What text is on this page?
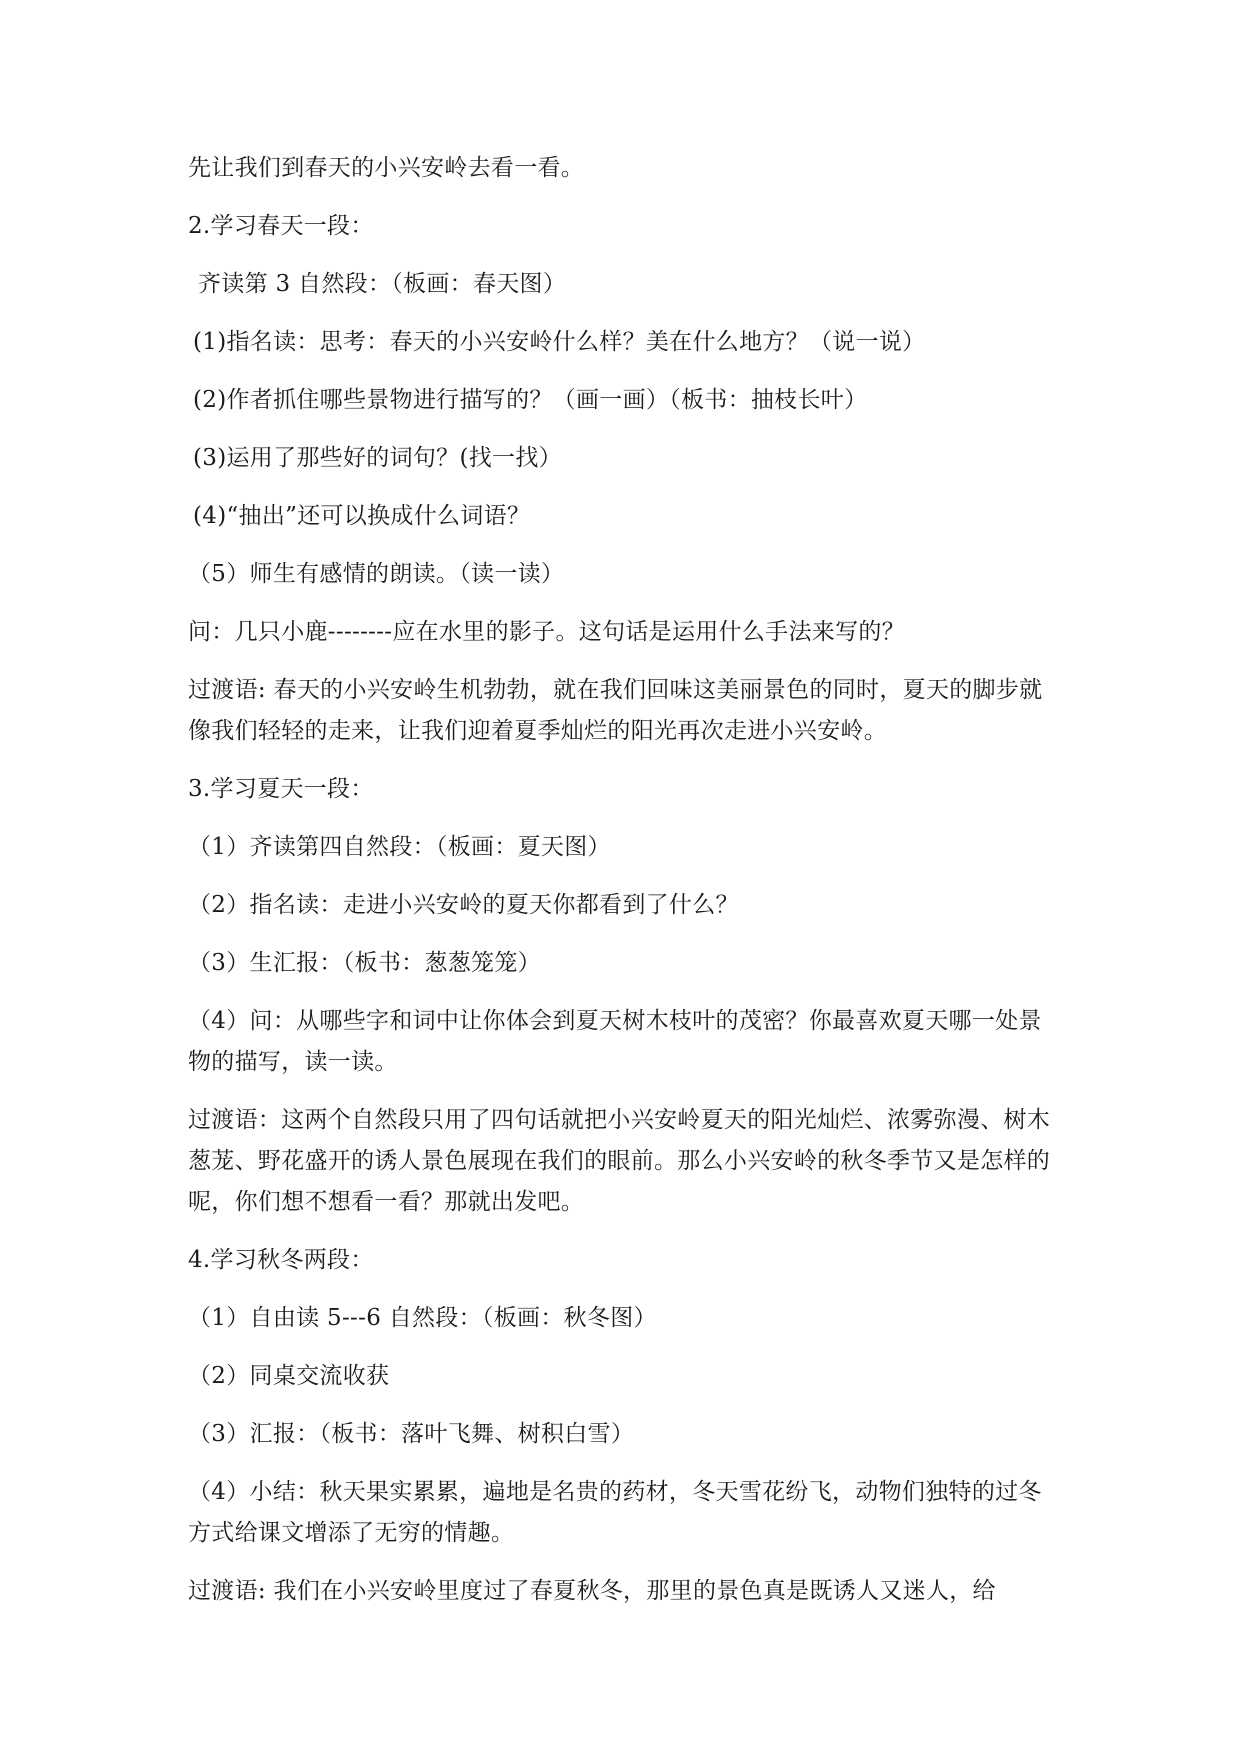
先让我们到春天的小兴安岭去看一看。

2.学习春天一段：

齐读第 3 自然段：（板画：春天图）

(1)指名读：思考：春天的小兴安岭什么样？美在什么地方？（说一说）

(2)作者抓住哪些景物进行描写的？（画一画）（板书：抽枝长叶）

(3)运用了那些好的词句？(找一找）

(4)“抽出”还可以换成什么词语？

（5）师生有感情的朗读。（读一读）

问：几只小鹿--------应在水里的影子。这句话是运用什么手法来写的？

过渡语: 春天的小兴安岭生机勃勃，就在我们回味这美丽景色的同时，夏天的脚步就像我们轻轻的走来，让我们迎着夏季灿烂的阳光再次走进小兴安岭。

3.学习夏天一段：

（1）齐读第四自然段：（板画：夏天图）

（2）指名读：走进小兴安岭的夏天你都看到了什么？

（3）生汇报：（板书：葱葱笼笼）

（4）问：从哪些字和词中让你体会到夏天树木枝叶的茂密？你最喜欢夏天哪一处景物的描写，读一读。

过渡语：这两个自然段只用了四句话就把小兴安岭夏天的阳光灿烂、浓雾弥漫、树木葱茏、野花盛开的诱人景色展现在我们的眼前。那么小兴安岭的秋冬季节又是怎样的呢，你们想不想看一看？那就出发吧。

4.学习秋冬两段：

（1）自由读 5---6 自然段：（板画：秋冬图）

（2）同桌交流收获

（3）汇报：（板书：落叶飞舞、树积白雪）

（4）小结：秋天果实累累，遍地是名贵的药材，冬天雪花纷飞，动物们独特的过冬方式给课文增添了无穷的情趣。

过渡语: 我们在小兴安岭里度过了春夏秋冬，那里的景色真是既诱人又迷人，给
